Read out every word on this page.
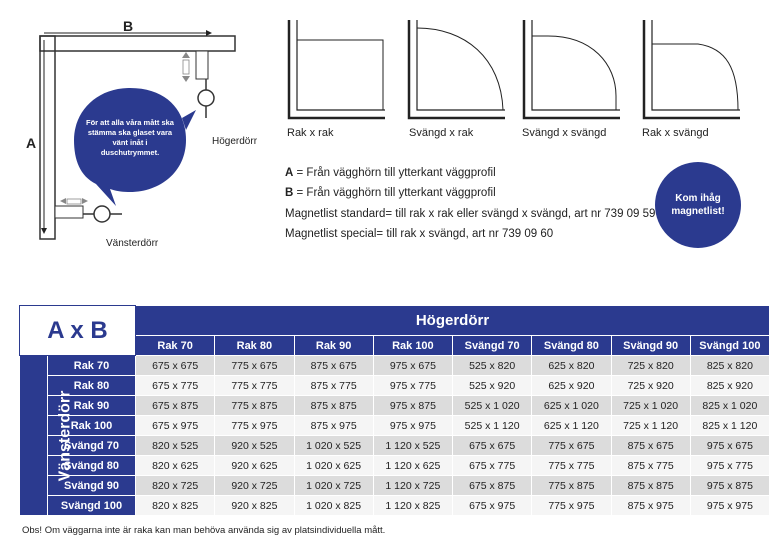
För att alla våra mått ska stämma ska glaset vara vänt inåt i duschutrymmet.
B
A	Högerdörr
Vänsterdörr
Rak x rak	Svängd x rak	Svängd x svängd	Rak x svängd
A = Från vägghörn till ytterkant väggprofil
B = Från vägghörn till ytterkant väggprofil
Magnetlist standard= till rak x rak eller svängd x svängd, art nr 739 09 59
Magnetlist special= till rak x svängd, art nr 739 09 60
Kom ihåg magnetlist!
A x B		Högerdörr							
		Rak 70	Rak 80	Rak 90	Rak 100	Svängd 70	Svängd 80	Svängd 90	Svängd 100
Vänsterdörr	Rak 70	675 x 675	775 x 675	875 x 675	975 x 675	525 x 820	625 x 820	725 x 820	825 x 820
	Rak 80	675 x 775	775 x 775	875 x 775	975 x 775	525 x 920	625 x 920	725 x 920	825 x 920
	Rak 90	675 x 875	775 x 875	875 x 875	975 x 875	525 x 1 020	625 x 1 020	725 x 1 020	825 x 1 020
	Rak 100	675 x 975	775 x 975	875 x 975	975 x 975	525 x 1 120	625 x 1 120	725 x 1 120	825 x 1 120
	Svängd 70	820 x 525	920 x 525	1 020 x 525	1 120 x 525	675 x 675	775 x 675	875 x 675	975 x 675
	Svängd 80	820 x 625	920 x 625	1 020 x 625	1 120 x 625	675 x 775	775 x 775	875 x 775	975 x 775
	Svängd 90	820 x 725	920 x 725	1 020 x 725	1 120 x 725	675 x 875	775 x 875	875 x 875	975 x 875
	Svängd 100	820 x 825	920 x 825	1 020 x 825	1 120 x 825	675 x 975	775 x 975	875 x 975	975 x 975
Obs! Om väggarna inte är raka kan man behöva använda sig av platsindividuella mått.
